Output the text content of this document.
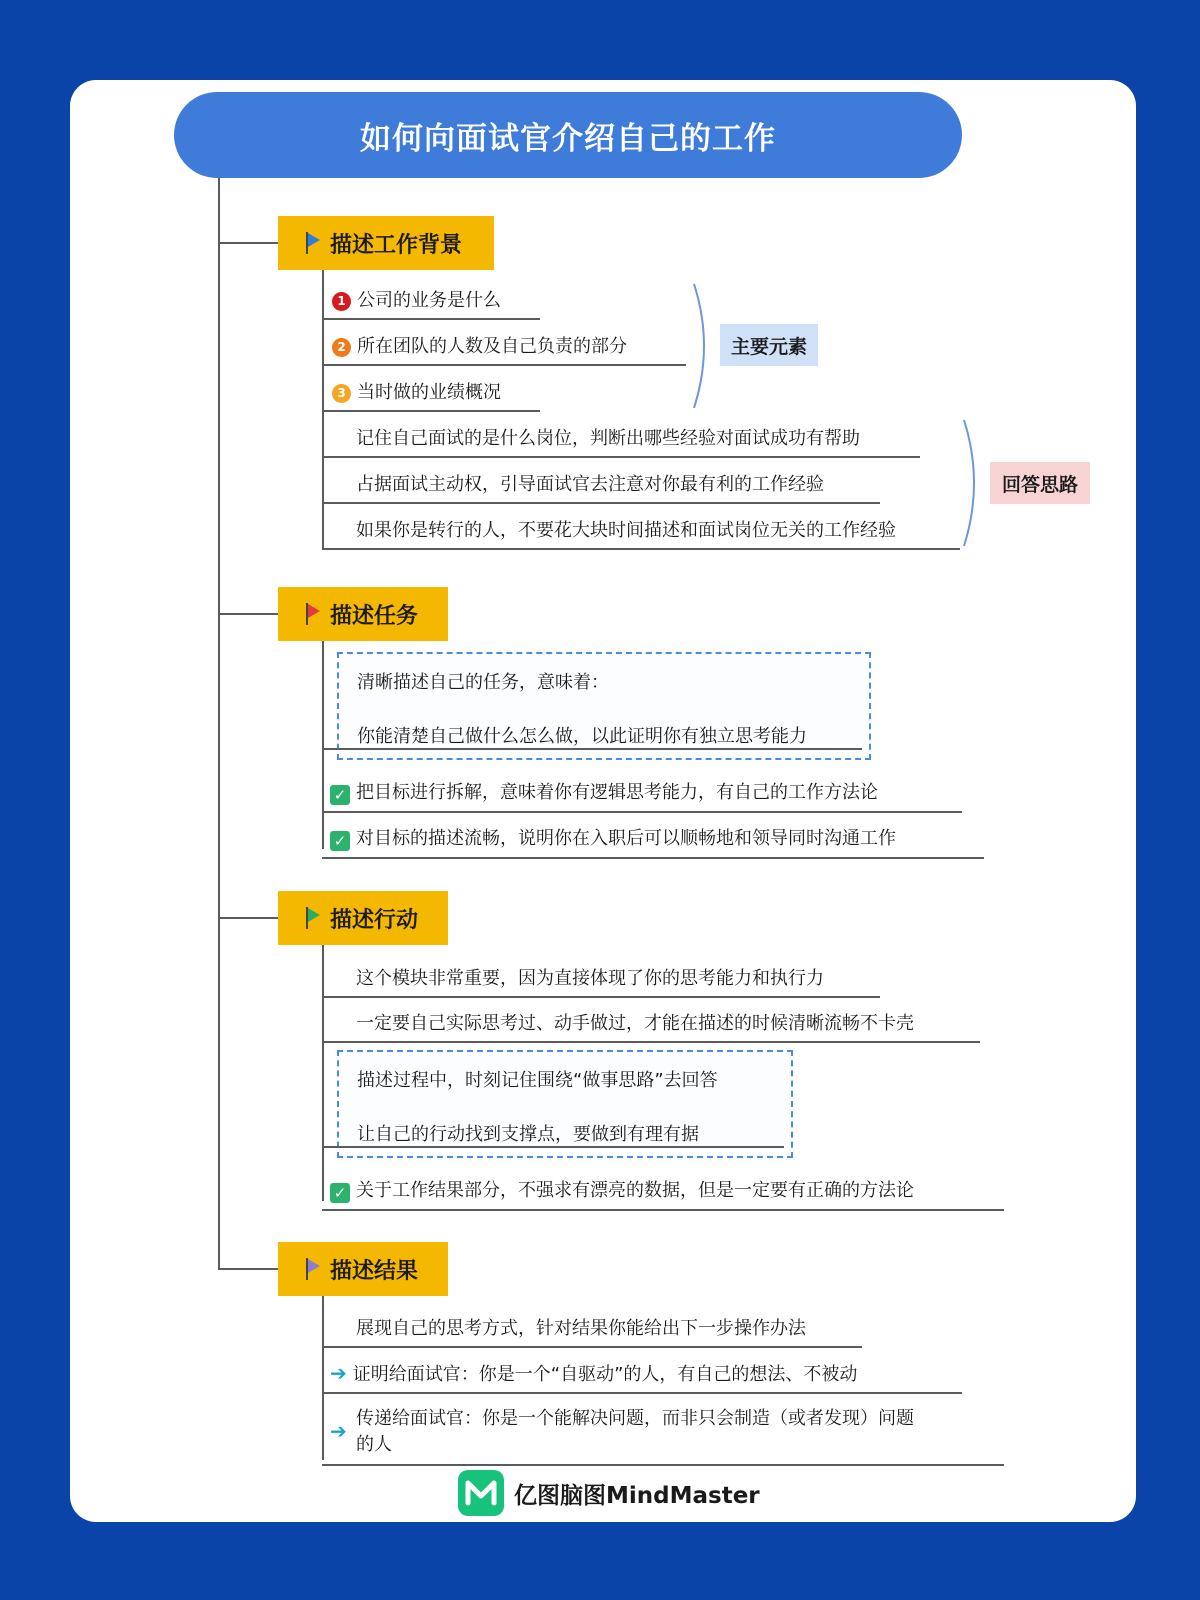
如何向面试官介绍自己的工作
描述工作背景
1 公司的业务是什么
2 所在团队的人数及自己负责的部分
3 当时做的业绩概况
主要元素
记住自己面试的是什么岗位，判断出哪些经验对面试成功有帮助
占据面试主动权，引导面试官去注意对你最有利的工作经验
如果你是转行的人，不要花大块时间描述和面试岗位无关的工作经验
回答思路
描述任务
清晰描述自己的任务，意味着：
你能清楚自己做什么怎么做，以此证明你有独立思考能力
✓ 把目标进行拆解，意味着你有逻辑思考能力，有自己的工作方法论
✓ 对目标的描述流畅，说明你在入职后可以顺畅地和领导同时沟通工作
描述行动
这个模块非常重要，因为直接体现了你的思考能力和执行力
一定要自己实际思考过、动手做过，才能在描述的时候清晰流畅不卡壳
描述过程中，时刻记住围绕“做事思路”去回答
让自己的行动找到支撑点，要做到有理有据
✓ 关于工作结果部分，不强求有漂亮的数据，但是一定要有正确的方法论
描述结果
展现自己的思考方式，针对结果你能给出下一步操作办法
➔ 证明给面试官：你是一个“自驱动”的人，有自己的想法、不被动
➔
传递给面试官：你是一个能解决问题，而非只会制造（或者发现）问题
的人
亿图脑图MindMaster
